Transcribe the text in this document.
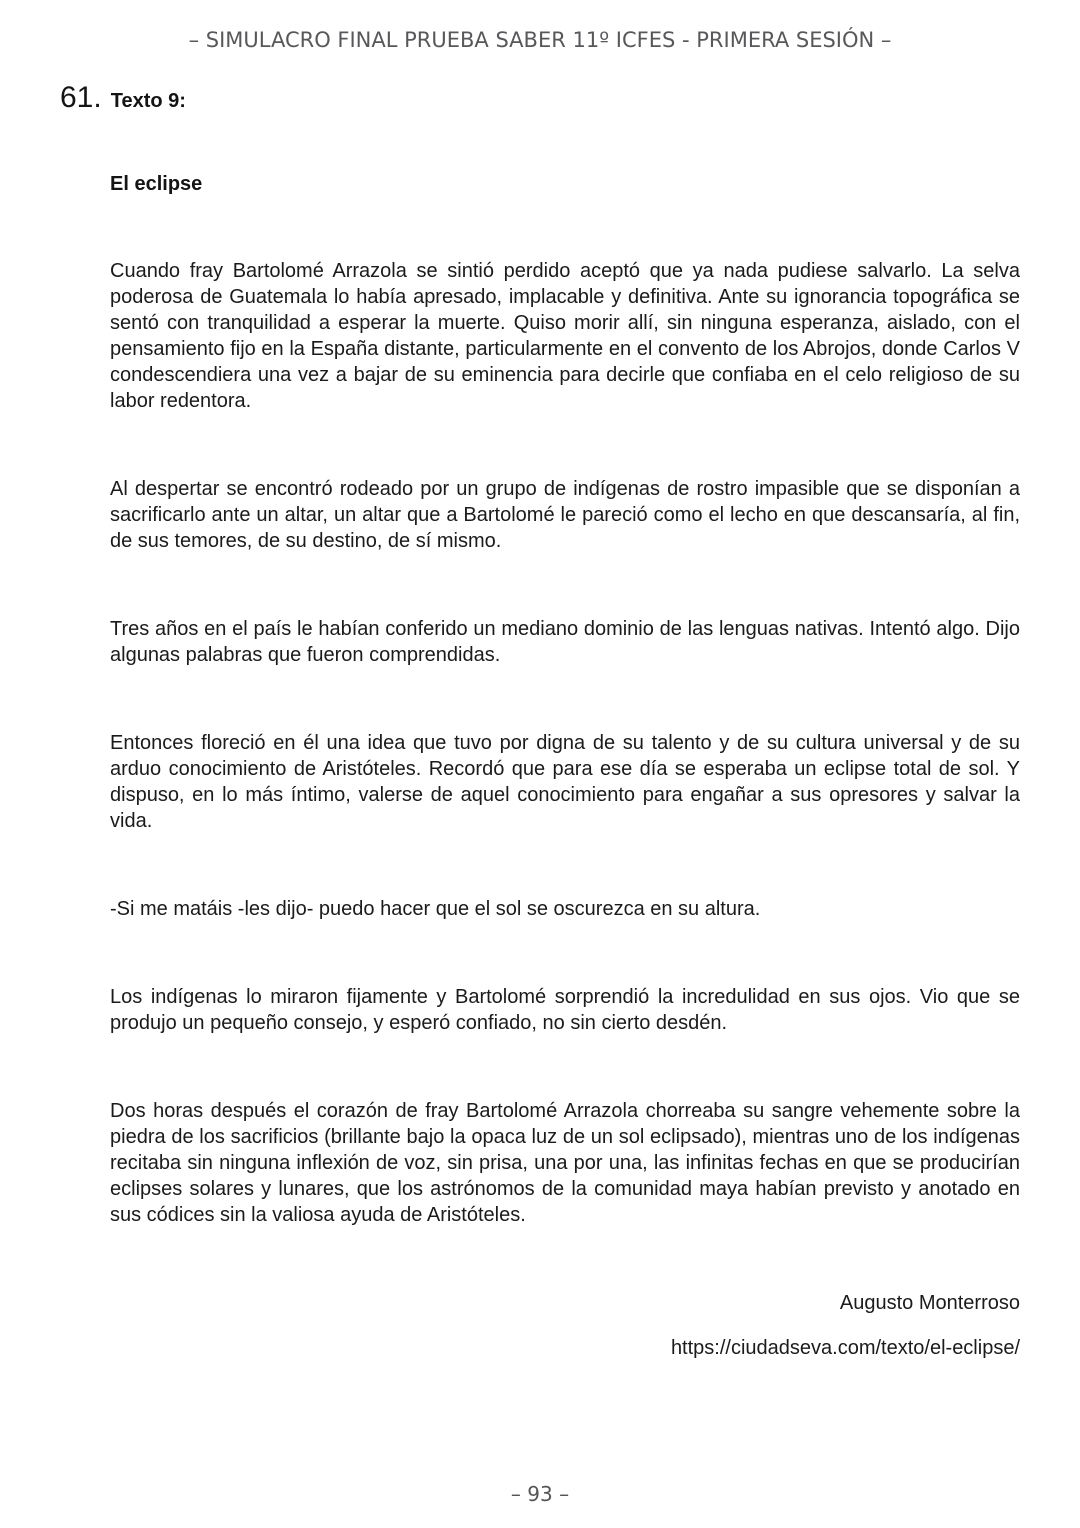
– SIMULACRO FINAL PRUEBA SABER 11º ICFES - PRIMERA SESIÓN –
61. Texto 9:
El eclipse

Cuando fray Bartolomé Arrazola se sintió perdido aceptó que ya nada pudiese salvarlo. La selva poderosa de Guatemala lo había apresado, implacable y definitiva. Ante su ignorancia topográfica se sentó con tranquilidad a esperar la muerte. Quiso morir allí, sin ninguna esperanza, aislado, con el pensamiento fijo en la España distante, particularmente en el convento de los Abrojos, donde Carlos V condescendiera una vez a bajar de su eminencia para decirle que confiaba en el celo religioso de su labor redentora.

Al despertar se encontró rodeado por un grupo de indígenas de rostro impasible que se disponían a sacrificarlo ante un altar, un altar que a Bartolomé le pareció como el lecho en que descansaría, al fin, de sus temores, de su destino, de sí mismo.

Tres años en el país le habían conferido un mediano dominio de las lenguas nativas. Intentó algo. Dijo algunas palabras que fueron comprendidas.

Entonces floreció en él una idea que tuvo por digna de su talento y de su cultura universal y de su arduo conocimiento de Aristóteles. Recordó que para ese día se esperaba un eclipse total de sol. Y dispuso, en lo más íntimo, valerse de aquel conocimiento para engañar a sus opresores y salvar la vida.

-Si me matáis -les dijo- puedo hacer que el sol se oscurezca en su altura.

Los indígenas lo miraron fijamente y Bartolomé sorprendió la incredulidad en sus ojos. Vio que se produjo un pequeño consejo, y esperó confiado, no sin cierto desdén.

Dos horas después el corazón de fray Bartolomé Arrazola chorreaba su sangre vehemente sobre la piedra de los sacrificios (brillante bajo la opaca luz de un sol eclipsado), mientras uno de los indígenas recitaba sin ninguna inflexión de voz, sin prisa, una por una, las infinitas fechas en que se producirían eclipses solares y lunares, que los astrónomos de la comunidad maya habían previsto y anotado en sus códices sin la valiosa ayuda de Aristóteles.

Augusto Monterroso

https://ciudadseva.com/texto/el-eclipse/

– 93 –
